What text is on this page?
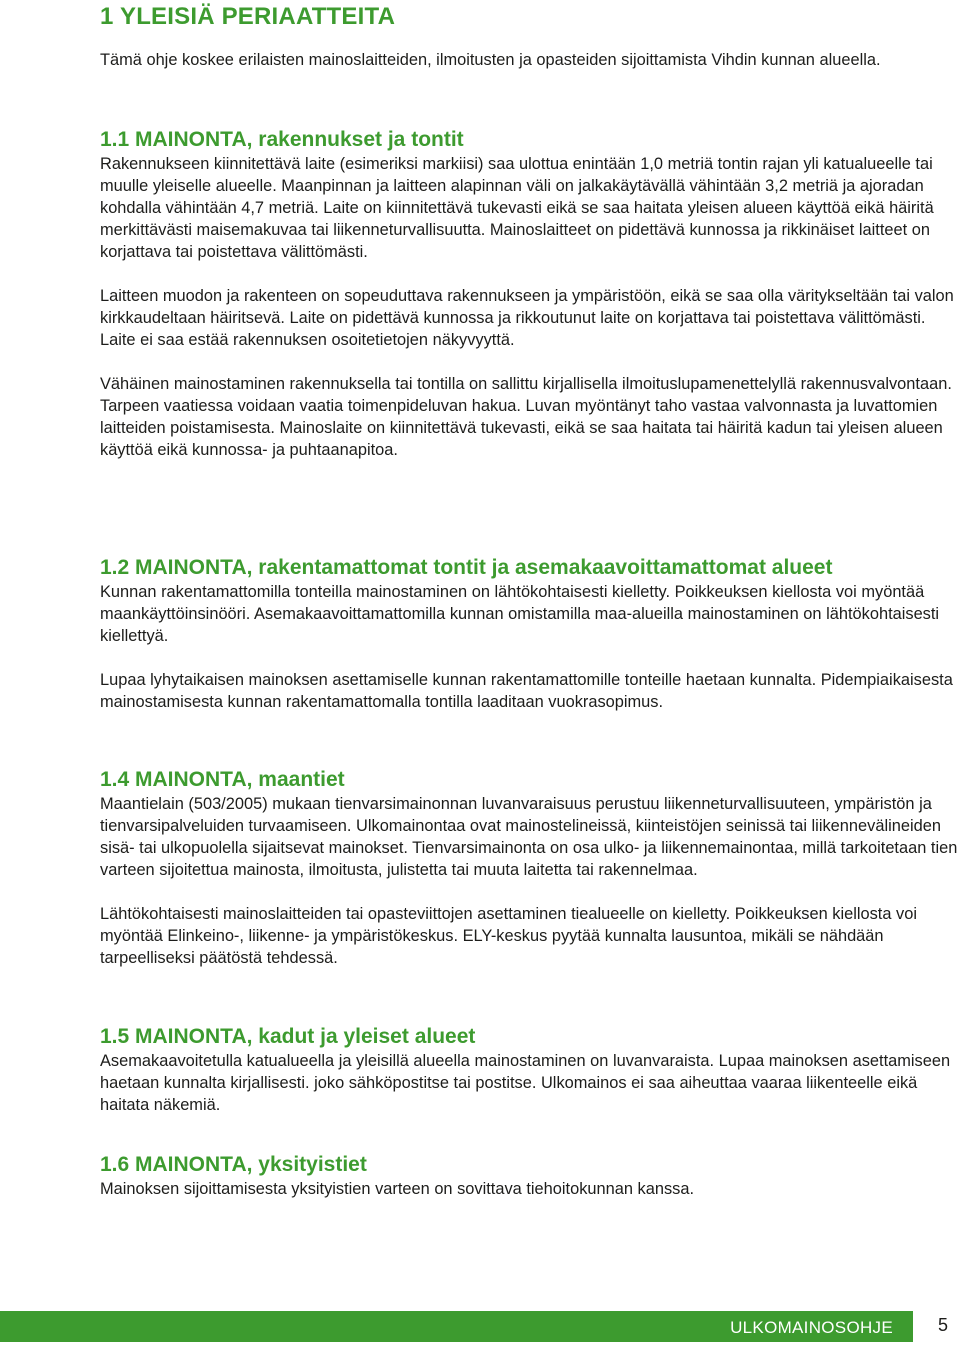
1 YLEISIÄ PERIAATTEITA

Tämä ohje koskee erilaisten mainoslaitteiden, ilmoitusten ja opasteiden sijoittamista Vihdin kunnan alueella.

1.1 MAINONTA, rakennukset ja tontit

Rakennukseen kiinnitettävä laite (esimeriksi markiisi) saa ulottua enintään 1,0 metriä tontin rajan yli katualueelle tai muulle yleiselle alueelle. Maanpinnan ja laitteen alapinnan väli on jalkakäytävällä vähintään 3,2 metriä ja ajoradan kohdalla vähintään 4,7 metriä. Laite on kiinnitettävä tukevasti eikä se saa haitata yleisen alueen käyttöä eikä häiritä merkittävästi maisemakuvaa tai liikenneturvallisuutta. Mainoslaitteet on pidettävä kunnossa ja rikkinäiset laitteet on korjattava tai poistettava välittömästi.

Laitteen muodon ja rakenteen on sopeuduttava rakennukseen ja ympäristöön, eikä se saa olla väritykseltään tai valon kirkkaudeltaan häiritsevä. Laite on pidettävä kunnossa ja rikkoutunut laite on korjattava tai poistettava välittömästi. Laite ei saa estää rakennuksen osoitetietojen näkyvyyttä.

Vähäinen mainostaminen rakennuksella tai tontilla on sallittu kirjallisella ilmoituslupamenettelyllä rakennusvalvontaan. Tarpeen vaatiessa voidaan vaatia toimenpideluvan hakua. Luvan myöntänyt taho vastaa valvonnasta ja luvattomien laitteiden poistamisesta. Mainoslaite on kiinnitettävä tukevasti, eikä se saa haitata tai häiritä kadun tai yleisen alueen käyttöä eikä kunnossa- ja puhtaanapitoa.

1.2 MAINONTA, rakentamattomat tontit ja asemakaavoittamattomat alueet

Kunnan rakentamattomilla tonteilla mainostaminen on lähtökohtaisesti kielletty. Poikkeuksen kiellosta voi myöntää maankäyttöinsinööri. Asemakaavoittamattomilla kunnan omistamilla maa-alueilla mainostaminen on lähtökohtaisesti kiellettyä.

Lupaa lyhytaikaisen mainoksen asettamiselle kunnan rakentamattomille tonteille haetaan kunnalta. Pidempiaikaisesta mainostamisesta kunnan rakentamattomalla tontilla laaditaan vuokrasopimus.

1.4 MAINONTA, maantiet

Maantielain (503/2005) mukaan tienvarsimainonnan luvanvaraisuus perustuu liikenneturvallisuuteen, ympäristön ja tienvarsipalveluiden turvaamiseen. Ulkomainontaa ovat mainostelineissä, kiinteistöjen seinissä tai liikennevälineiden sisä- tai ulkopuolella sijaitsevat mainokset. Tienvarsimainonta on osa ulko- ja liikennemainontaa, millä tarkoitetaan tien varteen sijoitettua mainosta, ilmoitusta, julistetta tai muuta laitetta tai rakennelmaa.

Lähtökohtaisesti mainoslaitteiden tai opasteviittojen asettaminen tiealueelle on kielletty. Poikkeuksen kiellosta voi myöntää Elinkeino-, liikenne- ja ympäristökeskus. ELY-keskus pyytää kunnalta lausuntoa, mikäli se nähdään tarpeelliseksi päätöstä tehdessä.

1.5 MAINONTA, kadut ja yleiset alueet

Asemakaavoitetulla katualueella ja yleisillä alueella mainostaminen on luvanvaraista. Lupaa mainoksen asettamiseen haetaan kunnalta kirjallisesti. joko sähköpostitse tai postitse. Ulkomainos ei saa aiheuttaa vaaraa liikenteelle eikä haitata näkemiä.

1.6 MAINONTA, yksityistiet

Mainoksen sijoittamisesta yksityistien varteen on sovittava tiehoitokunnan kanssa.

ULKOMAINOSOHJE	5
